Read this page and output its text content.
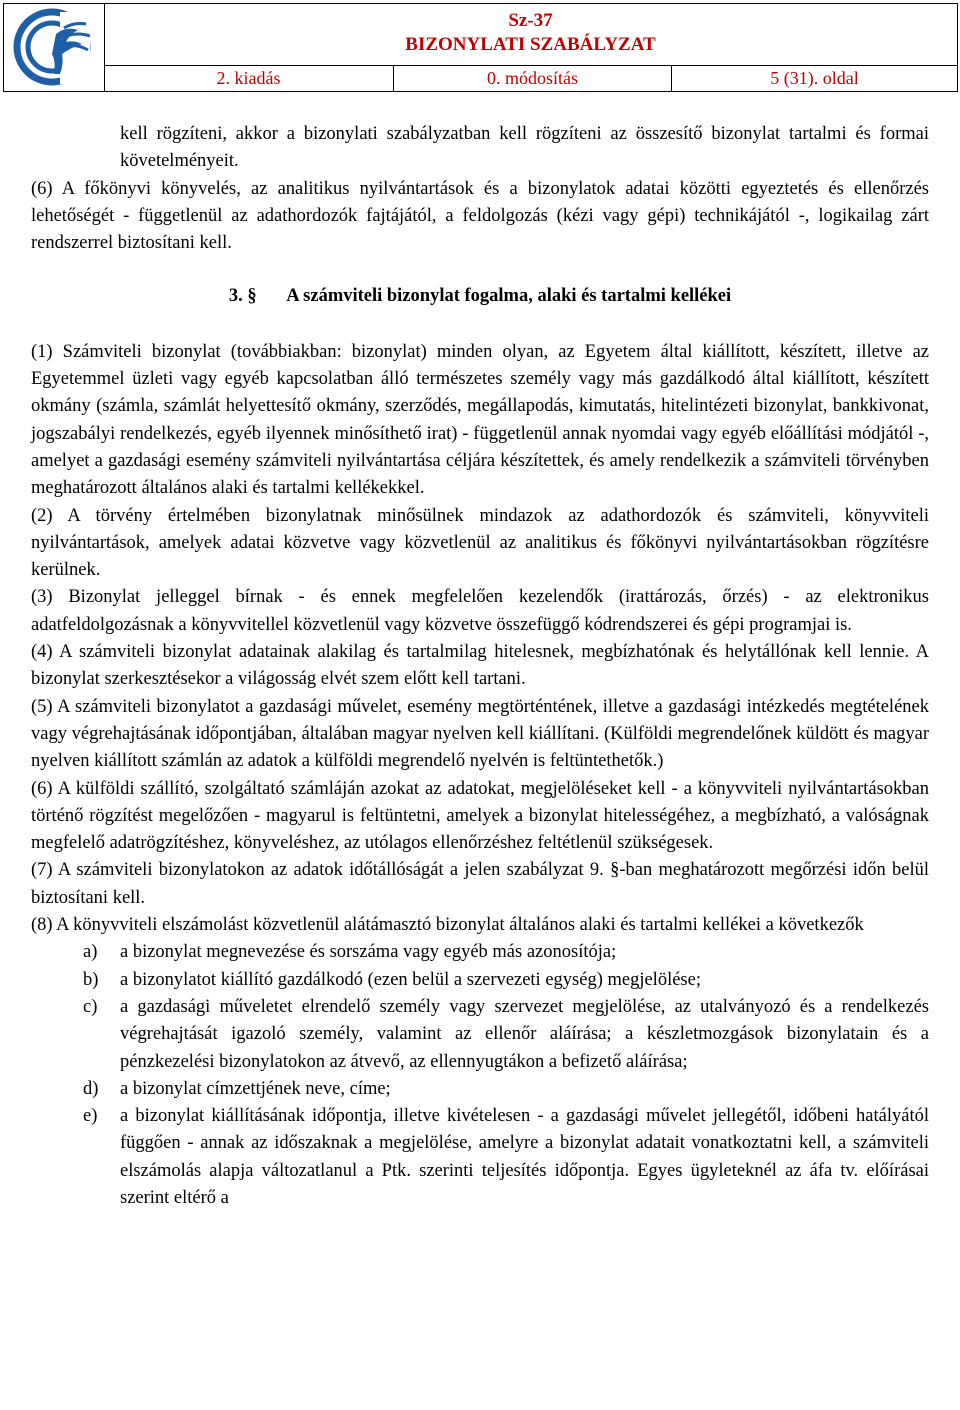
Sz-37
BIZONYLATI SZABÁLYZAT
2. kiadás	0. módosítás	5 (31). oldal

kell rögzíteni, akkor a bizonylati szabályzatban kell rögzíteni az összesítő bizonylat tartalmi és formai követelményeit.

(6) A főkönyvi könyvelés, az analitikus nyilvántartások és a bizonylatok adatai közötti egyeztetés és ellenőrzés lehetőségét - függetlenül az adathordozók fajtájától, a feldolgozás (kézi vagy gépi) technikájától -, logikailag zárt rendszerrel biztosítani kell.

3. § A számviteli bizonylat fogalma, alaki és tartalmi kellékei

(1) Számviteli bizonylat (továbbiakban: bizonylat) minden olyan, az Egyetem által kiállított, készített, illetve az Egyetemmel üzleti vagy egyéb kapcsolatban álló természetes személy vagy más gazdálkodó által kiállított, készített okmány (számla, számlát helyettesítő okmány, szerződés, megállapodás, kimutatás, hitelintézeti bizonylat, bankkivonat, jogszabályi rendelkezés, egyéb ilyennek minősíthető irat) - függetlenül annak nyomdai vagy egyéb előállítási módjától -, amelyet a gazdasági esemény számviteli nyilvántartása céljára készítettek, és amely rendelkezik a számviteli törvényben meghatározott általános alaki és tartalmi kellékekkel.

(2) A törvény értelmében bizonylatnak minősülnek mindazok az adathordozók és számviteli, könyvviteli nyilvántartások, amelyek adatai közvetve vagy közvetlenül az analitikus és főkönyvi nyilvántartásokban rögzítésre kerülnek.

(3) Bizonylat jelleggel bírnak - és ennek megfelelően kezelendők (irattározás, őrzés) - az elektronikus adatfeldolgozásnak a könyvvitellel közvetlenül vagy közvetve összefüggő kódrendszerei és gépi programjai is.

(4) A számviteli bizonylat adatainak alakilag és tartalmilag hitelesnek, megbízhatónak és helytállónak kell lennie. A bizonylat szerkesztésekor a világosság elvét szem előtt kell tartani.

(5) A számviteli bizonylatot a gazdasági művelet, esemény megtörténtének, illetve a gazdasági intézkedés megtételének vagy végrehajtásának időpontjában, általában magyar nyelven kell kiállítani. (Külföldi megrendelőnek küldött és magyar nyelven kiállított számlán az adatok a külföldi megrendelő nyelvén is feltüntethetők.)

(6) A külföldi szállító, szolgáltató számláján azokat az adatokat, megjelöléseket kell - a könyvviteli nyilvántartásokban történő rögzítést megelőzően - magyarul is feltüntetni, amelyek a bizonylat hitelességéhez, a megbízható, a valóságnak megfelelő adatrögzítéshez, könyveléshez, az utólagos ellenőrzéshez feltétlenül szükségesek.

(7) A számviteli bizonylatokon az adatok időtállóságát a jelen szabályzat 9. §-ban meghatározott megőrzési időn belül biztosítani kell.

(8) A könyvviteli elszámolást közvetlenül alátámasztó bizonylat általános alaki és tartalmi kellékei a következők

a) a bizonylat megnevezése és sorszáma vagy egyéb más azonosítója;
b) a bizonylatot kiállító gazdálkodó (ezen belül a szervezeti egység) megjelölése;
c) a gazdasági műveletet elrendelő személy vagy szervezet megjelölése, az utalványozó és a rendelkezés végrehajtását igazoló személy, valamint az ellenőr aláírása; a készletmozgások bizonylatain és a pénzkezelési bizonylatokon az átvevő, az ellennyugtákon a befizető aláírása;
d) a bizonylat címzettjének neve, címe;
e) a bizonylat kiállításának időpontja, illetve kivételesen - a gazdasági művelet jellegétől, időbeni hatályától függően - annak az időszaknak a megjelölése, amelyre a bizonylat adatait vonatkoztatni kell, a számviteli elszámolás alapja változatlanul a Ptk. szerinti teljesítés időpontja. Egyes ügyleteknél az áfa tv. előírásai szerint eltérő a
